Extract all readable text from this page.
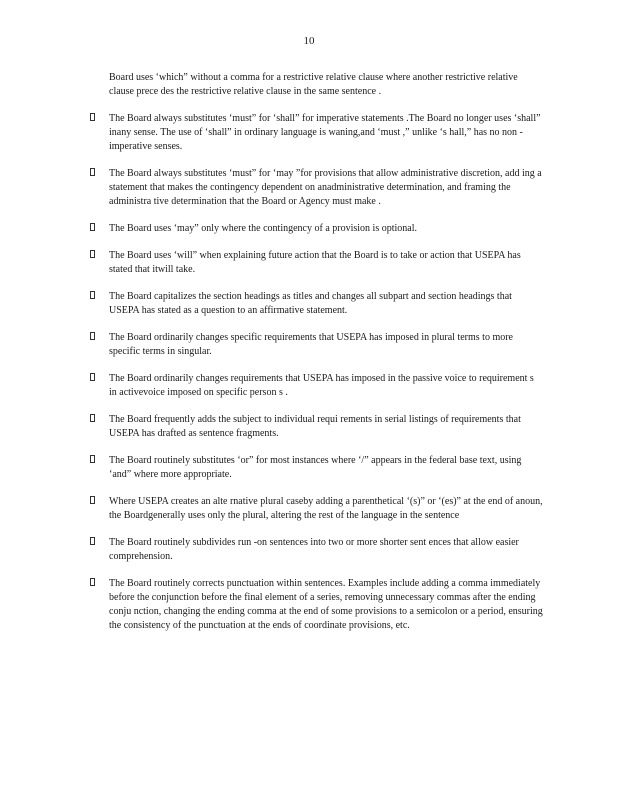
10

Board uses ‘which” without a comma for a restrictive relative clause where another restrictive relative clause prece des the restrictive relative clause in the same sentence .

The Board always substitutes ‘must” for ‘shall” for imperative statements .The Board no longer uses ‘shall” inany sense. The use of ‘shall” in ordinary language is waning,and ‘must ,” unlike ‘s hall,” has no non -imperative senses.
The Board always substitutes ‘must” for ‘may ”for provisions that allow administrative discretion, add ing a statement that makes the contingency dependent on anadministrative determination, and framing the administra tive determination that the Board or Agency must make .
The Board uses ‘may” only where the contingency of a provision is optional.
The Board uses ‘will” when explaining future action that the Board is to take or action that USEPA has stated that itwill take.
The Board capitalizes the section headings as titles and changes all subpart and section headings that USEPA has stated as a question to an affirmative statement.
The Board ordinarily changes specific requirements that USEPA has imposed in plural terms to more specific terms in singular.
The Board ordinarily changes requirements that USEPA has imposed in the passive voice to requirement s in activevoice imposed on specific person s .
The Board frequently adds the subject to individual requi rements in serial listings of requirements that USEPA has drafted as sentence fragments.
The Board routinely substitutes ‘or” for most instances where ‘/” appears in the federal base text, using ‘and” where more appropriate.
Where USEPA creates an alte rnative plural caseby adding a parenthetical ‘(s)” or ‘(es)” at the end of anoun, the Boardgenerally uses only the plural, altering the rest of the language in the sentence
The Board routinely subdivides run -on sentences into two or more shorter sent ences that allow easier comprehension.
The Board routinely corrects punctuation within sentences. Examples include adding a comma immediately before the conjunction before the final element of a series, removing unnecessary commas after the ending conju nction, changing the ending comma at the end of some provisions to a semicolon or a period, ensuring the consistency of the punctuation at the ends of coordinate provisions, etc.
